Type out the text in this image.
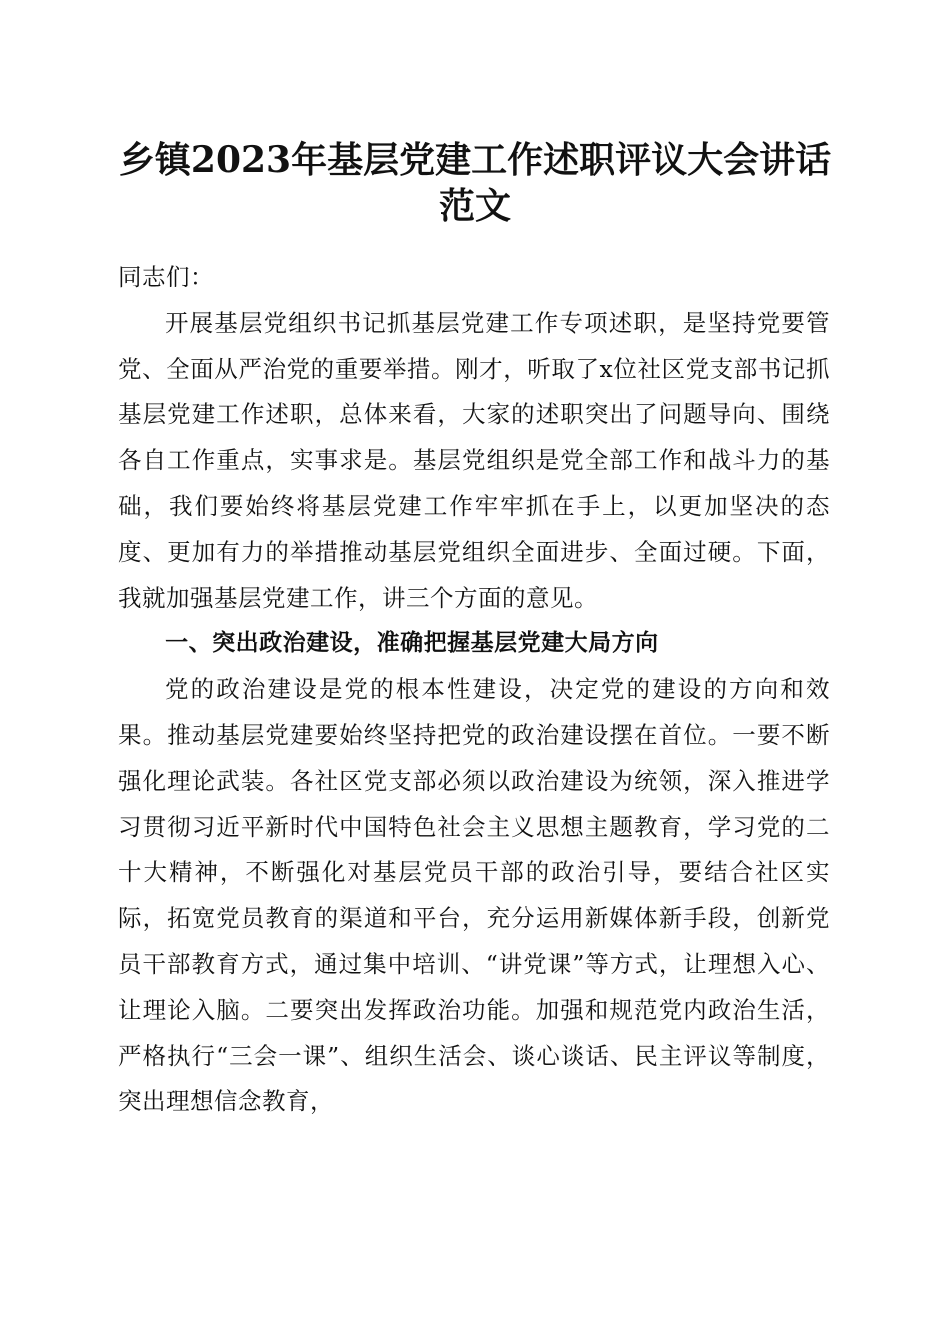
乡镇2023年基层党建工作述职评议大会讲话
范文

同志们：

开展基层党组织书记抓基层党建工作专项述职，是坚持党要管党、全面从严治党的重要举措。刚才，听取了x位社区党支部书记抓基层党建工作述职，总体来看，大家的述职突出了问题导向、围绕各自工作重点，实事求是。基层党组织是党全部工作和战斗力的基础，我们要始终将基层党建工作牢牢抓在手上，以更加坚决的态度、更加有力的举措推动基层党组织全面进步、全面过硬。下面，我就加强基层党建工作，讲三个方面的意见。

一、突出政治建设，准确把握基层党建大局方向

党的政治建设是党的根本性建设，决定党的建设的方向和效果。推动基层党建要始终坚持把党的政治建设摆在首位。一要不断强化理论武装。各社区党支部必须以政治建设为统领，深入推进学习贯彻习近平新时代中国特色社会主义思想主题教育，学习党的二十大精神，不断强化对基层党员干部的政治引导，要结合社区实际，拓宽党员教育的渠道和平台，充分运用新媒体新手段，创新党员干部教育方式，通过集中培训、“讲党课”等方式，让理想入心、让理论入脑。二要突出发挥政治功能。加强和规范党内政治生活，严格执行“三会一课”、组织生活会、谈心谈话、民主评议等制度，突出理想信念教育，
